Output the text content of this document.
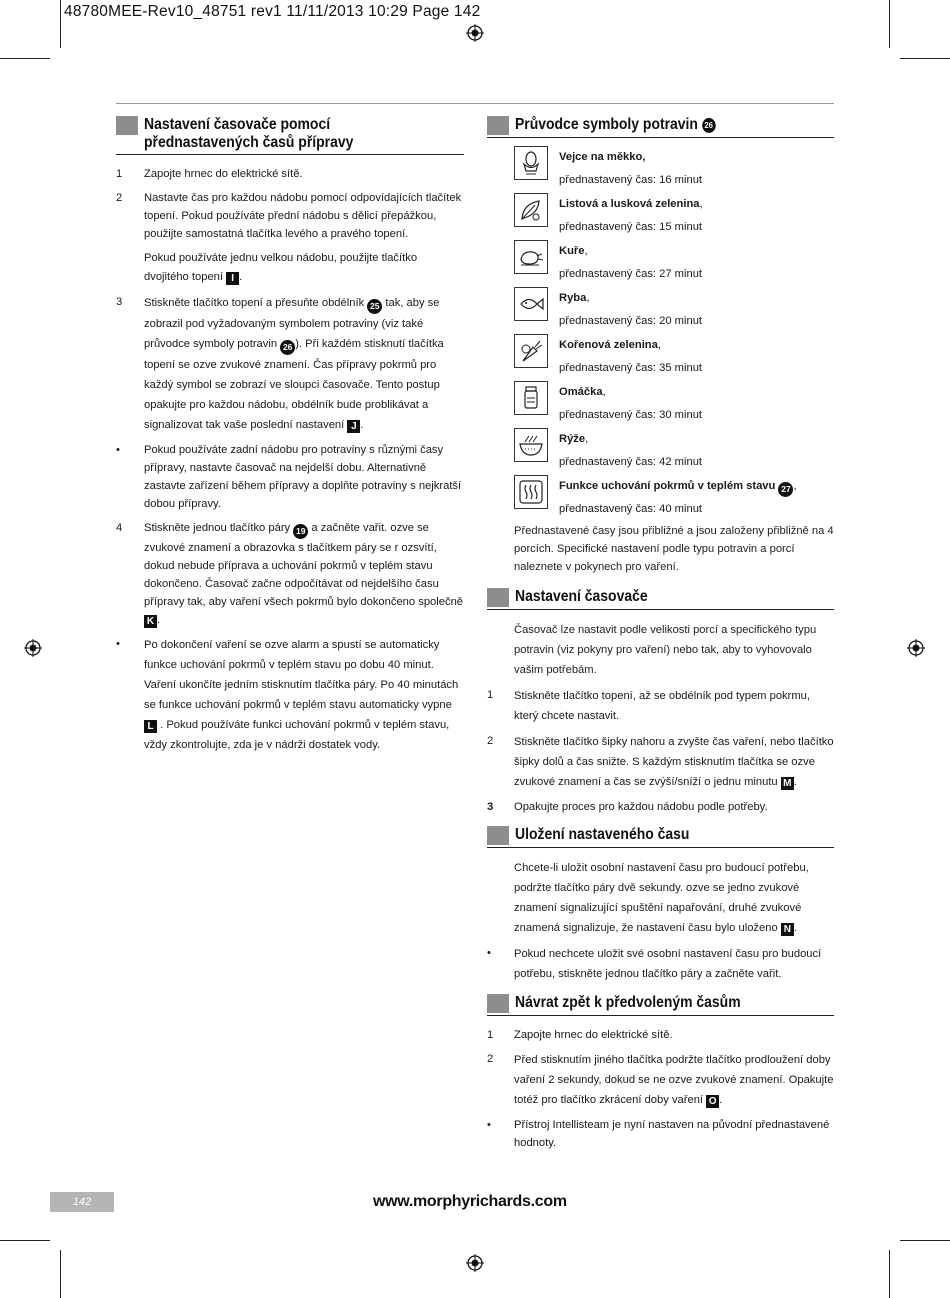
48780MEE-Rev10_48751 rev1 11/11/2013 10:29 Page 142
Nastavení časovače pomocí přednastavených časů přípravy
1	Zapojte hrnec do elektrické sítě.
2	Nastavte čas pro každou nádobu pomocí odpovídajících tlačítek topení. Pokud používáte přední nádobu s dělicí přepážkou, použijte samostatná tlačítka levého a pravého topení.
Pokud používáte jednu velkou nádobu, použijte tlačítko dvojitého topení I .
3	Stiskněte tlačítko topení a přesuňte obdélník 25 tak, aby se zobrazil pod vyžadovaným symbolem potraviny (viz také průvodce symboly potravin 26 ). Při každém stisknutí tlačítka topení se ozve zvukové znamení. Čas přípravy pokrmů pro každý symbol se zobrazí ve sloupci časovače. Tento postup opakujte pro každou nádobu, obdélník bude problikávat a signalizovat tak vaše poslední nastavení J .
•	Pokud používáte zadní nádobu pro potraviny s různými časy přípravy, nastavte časovač na nejdelší dobu. Alternativně zastavte zařízení během přípravy a doplňte potraviny s nejkratší dobou přípravy.
4	Stiskněte jednou tlačítko páry 19 a začněte vařit. ozve se zvukové znamení a obrazovka s tlačítkem páry se r ozsvítí, dokud nebude příprava a uchování pokrmů v teplém stavu dokončeno. Časovač začne odpočítávat od nejdelšího času přípravy tak, aby vaření všech pokrmů bylo dokončeno společně K .
•	Po dokončení vaření se ozve alarm a spustí se automaticky funkce uchování pokrmů v teplém stavu po dobu 40 minut. Vaření ukončíte jedním stisknutím tlačítka páry. Po 40 minutách se funkce uchování pokrmů v teplém stavu automaticky vypne L . Pokud používáte funkci uchování pokrmů v teplém stavu, vždy zkontrolujte, zda je v nádrži dostatek vody.
Průvodce symboly potravin 26
Vejce na měkko,
přednastavený čas: 16 minut
Listová a lusková zelenina,
přednastavený čas: 15 minut
Kuře,
přednastavený čas: 27 minut
Ryba,
přednastavený čas: 20 minut
Kořenová zelenina,
přednastavený čas: 35 minut
Omáčka,
přednastavený čas: 30 minut
Rýže,
přednastavený čas: 42 minut
Funkce uchování pokrmů v teplém stavu 27 ,
přednastavený čas: 40 minut
Přednastavené časy jsou přibližné a jsou založeny přibližně na 4 porcích. Specifické nastavení podle typu potravin a porcí naleznete v pokynech pro vaření.
Nastavení časovače
Časovač lze nastavit podle velikosti porcí a specifického typu potravin (viz pokyny pro vaření) nebo tak, aby to vyhovovalo vašim potřebám.
1	Stiskněte tlačítko topení, až se obdélník pod typem pokrmu, který chcete nastavit.
2	Stiskněte tlačítko šipky nahoru a zvyšte čas vaření, nebo tlačítko šipky dolů a čas snižte. S každým stisknutím tlačítka se ozve zvukové znamení a čas se zvýší/sníží o jednu minutu M .
3	Opakujte proces pro každou nádobu podle potřeby.
Uložení nastaveného času
Chcete-li uložit osobní nastavení času pro budoucí potřebu, podržte tlačítko páry dvě sekundy. ozve se jedno zvukové znamení signalizující spuštění napařování, druhé zvukové znamená signalizuje, že nastavení času bylo uloženo N .
•	Pokud nechcete uložit své osobní nastavení času pro budoucí potřebu, stiskněte jednou tlačítko páry a začněte vařit.
Návrat zpět k předvoleným časům
1	Zapojte hrnec do elektrické sítě.
2	Před stisknutím jiného tlačítka podržte tlačítko prodloužení doby vaření 2 sekundy, dokud se ne ozve zvukové znamení. Opakujte totéž pro tlačítko zkrácení doby vaření O .
•	Přístroj Intellisteam je nyní nastaven na původní přednastavené hodnoty.
142	www.morphyrichards.com
